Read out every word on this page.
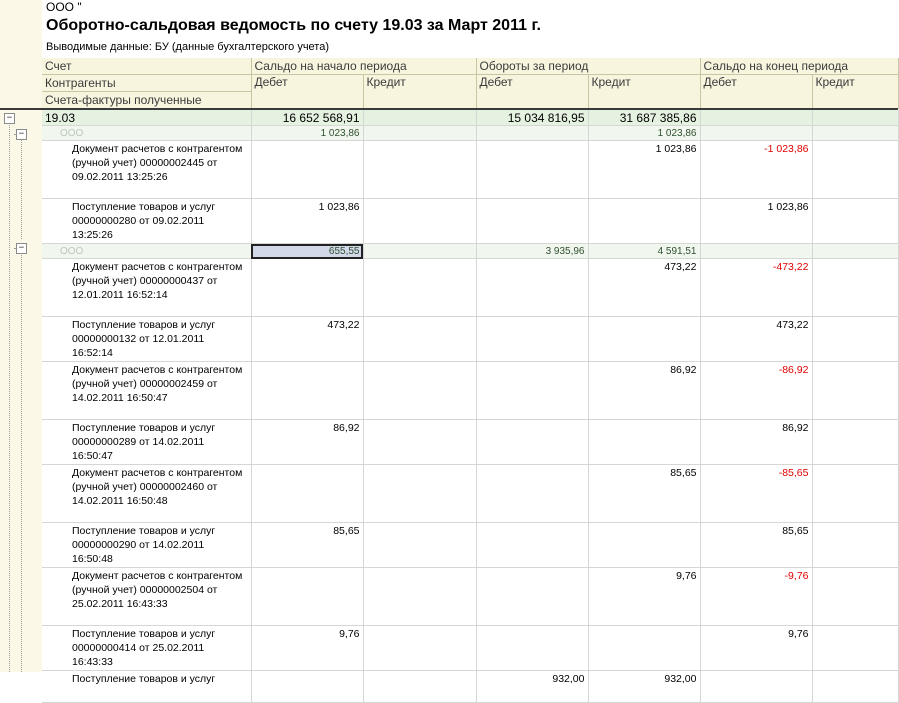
ООО "
Оборотно-сальдовая ведомость по счету 19.03 за Март 2011 г.
Выводимые данные: БУ (данные бухгалтерского учета)
Счет	Сальдо на начало периода		Обороты за период		Сальдо на конец периода	
Контрагенты	Дебет	Кредит	Дебет	Кредит	Дебет	Кредит
Счета-фактуры полученные						
19.03	16 652 568,91		15 034 816,95	31 687 385,86		
ООО	1 023,86			1 023,86		
Документ расчетов с контрагентом (ручной учет) 00000002445 от 09.02.2011 13:25:26				1 023,86	-1 023,86	
Поступление товаров и услуг 00000000280 от 09.02.2011 13:25:26	1 023,86				1 023,86	
ООО	655,55		3 935,96	4 591,51		
Документ расчетов с контрагентом (ручной учет) 00000000437 от 12.01.2011 16:52:14				473,22	-473,22	
Поступление товаров и услуг 00000000132 от 12.01.2011 16:52:14	473,22				473,22	
Документ расчетов с контрагентом (ручной учет) 00000002459 от 14.02.2011 16:50:47				86,92	-86,92	
Поступление товаров и услуг 00000000289 от 14.02.2011 16:50:47	86,92				86,92	
Документ расчетов с контрагентом (ручной учет) 00000002460 от 14.02.2011 16:50:48				85,65	-85,65	
Поступление товаров и услуг 00000000290 от 14.02.2011 16:50:48	85,65				85,65	
Документ расчетов с контрагентом (ручной учет) 00000002504 от 25.02.2011 16:43:33				9,76	-9,76	
Поступление товаров и услуг 00000000414 от 25.02.2011 16:43:33	9,76				9,76	
Поступление товаров и услуг			932,00	932,00		
−
−
−
